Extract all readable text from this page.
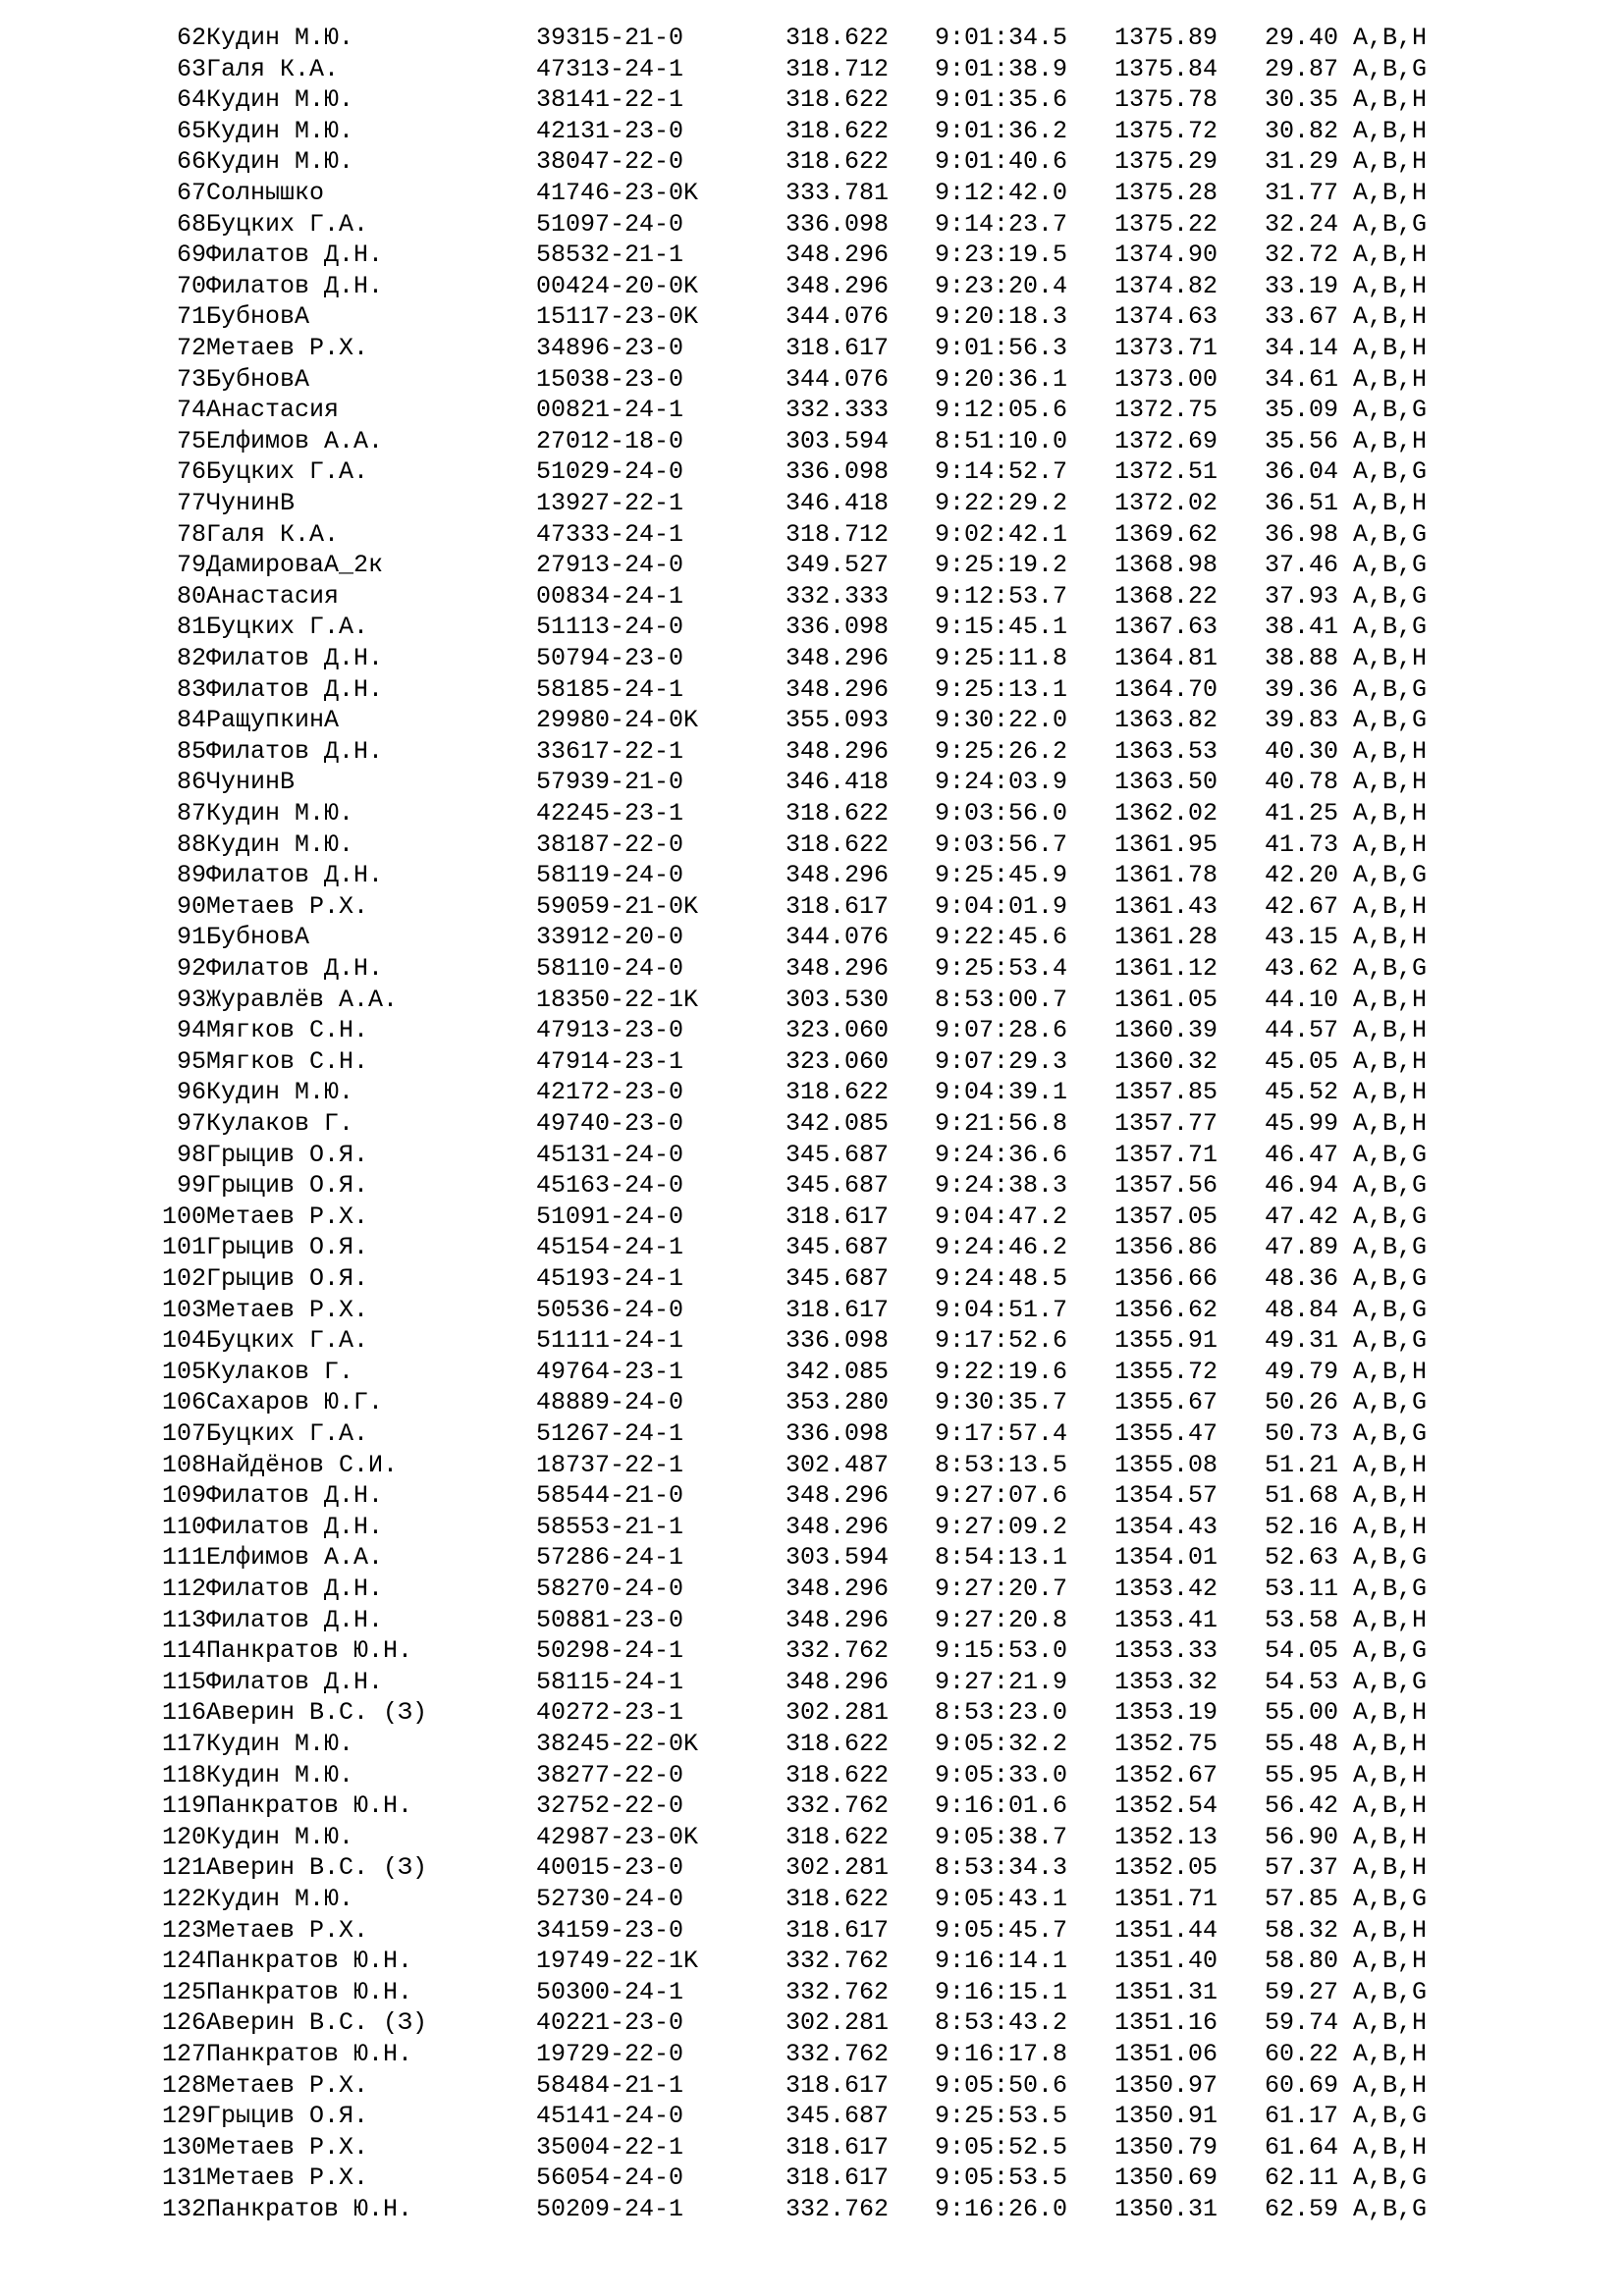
62 Кудин М.Ю.	39315-21-0	318.622 9:01:34.5 1375.89 29.40 A,B,H
63 Галя К.А.	47313-24-1	318.712 9:01:38.9 1375.84 29.87 A,B,G
64 Кудин М.Ю.	38141-22-1	318.622 9:01:35.6 1375.78 30.35 A,B,H
65 Кудин М.Ю.	42131-23-0	318.622 9:01:36.2 1375.72 30.82 A,B,H
66 Кудин М.Ю.	38047-22-0	318.622 9:01:40.6 1375.29 31.29 A,B,H
67 Солнышко	41746-23-0K	333.781 9:12:42.0 1375.28 31.77 A,B,H
68 Буцких Г.А.	51097-24-0	336.098 9:14:23.7 1375.22 32.24 A,B,G
69 Филатов Д.Н.	58532-21-1	348.296 9:23:19.5 1374.90 32.72 A,B,H
70 Филатов Д.Н.	00424-20-0K	348.296 9:23:20.4 1374.82 33.19 A,B,H
71 БубновА	15117-23-0K	344.076 9:20:18.3 1374.63 33.67 A,B,H
72 Метаев Р.Х.	34896-23-0	318.617 9:01:56.3 1373.71 34.14 A,B,H
73 БубновА	15038-23-0	344.076 9:20:36.1 1373.00 34.61 A,B,H
74 Анастасия	00821-24-1	332.333 9:12:05.6 1372.75 35.09 A,B,G
75 Елфимов А.А.	27012-18-0	303.594 8:51:10.0 1372.69 35.56 A,B,H
76 Буцких Г.А.	51029-24-0	336.098 9:14:52.7 1372.51 36.04 A,B,G
77 ЧунинВ	13927-22-1	346.418 9:22:29.2 1372.02 36.51 A,B,H
78 Галя К.А.	47333-24-1	318.712 9:02:42.1 1369.62 36.98 A,B,G
79 ДамироваА_2к	27913-24-0	349.527 9:25:19.2 1368.98 37.46 A,B,G
80 Анастасия	00834-24-1	332.333 9:12:53.7 1368.22 37.93 A,B,G
81 Буцких Г.А.	51113-24-0	336.098 9:15:45.1 1367.63 38.41 A,B,G
82 Филатов Д.Н.	50794-23-0	348.296 9:25:11.8 1364.81 38.88 A,B,H
83 Филатов Д.Н.	58185-24-1	348.296 9:25:13.1 1364.70 39.36 A,B,G
84 РащупкинА	29980-24-0K	355.093 9:30:22.0 1363.82 39.83 A,B,G
85 Филатов Д.Н.	33617-22-1	348.296 9:25:26.2 1363.53 40.30 A,B,H
86 ЧунинВ	57939-21-0	346.418 9:24:03.9 1363.50 40.78 A,B,H
87 Кудин М.Ю.	42245-23-1	318.622 9:03:56.0 1362.02 41.25 A,B,H
88 Кудин М.Ю.	38187-22-0	318.622 9:03:56.7 1361.95 41.73 A,B,H
89 Филатов Д.Н.	58119-24-0	348.296 9:25:45.9 1361.78 42.20 A,B,G
90 Метаев Р.Х.	59059-21-0K	318.617 9:04:01.9 1361.43 42.67 A,B,H
91 БубновА	33912-20-0	344.076 9:22:45.6 1361.28 43.15 A,B,H
92 Филатов Д.Н.	58110-24-0	348.296 9:25:53.4 1361.12 43.62 A,B,G
93 Журавлёв А.А.	18350-22-1K	303.530 8:53:00.7 1361.05 44.10 A,B,H
94 Мягков С.Н.	47913-23-0	323.060 9:07:28.6 1360.39 44.57 A,B,H
95 Мягков С.Н.	47914-23-1	323.060 9:07:29.3 1360.32 45.05 A,B,H
96 Кудин М.Ю.	42172-23-0	318.622 9:04:39.1 1357.85 45.52 A,B,H
97 Кулаков Г.	49740-23-0	342.085 9:21:56.8 1357.77 45.99 A,B,H
98 Грыцив О.Я.	45131-24-0	345.687 9:24:36.6 1357.71 46.47 A,B,G
99 Грыцив О.Я.	45163-24-0	345.687 9:24:38.3 1357.56 46.94 A,B,G
100 Метаев Р.Х.	51091-24-0	318.617 9:04:47.2 1357.05 47.42 A,B,G
101 Грыцив О.Я.	45154-24-1	345.687 9:24:46.2 1356.86 47.89 A,B,G
102 Грыцив О.Я.	45193-24-1	345.687 9:24:48.5 1356.66 48.36 A,B,G
103 Метаев Р.Х.	50536-24-0	318.617 9:04:51.7 1356.62 48.84 A,B,G
104 Буцких Г.А.	51111-24-1	336.098 9:17:52.6 1355.91 49.31 A,B,G
105 Кулаков Г.	49764-23-1	342.085 9:22:19.6 1355.72 49.79 A,B,H
106 Сахаров Ю.Г.	48889-24-0	353.280 9:30:35.7 1355.67 50.26 A,B,G
107 Буцких Г.А.	51267-24-1	336.098 9:17:57.4 1355.47 50.73 A,B,G
108 Найдёнов С.И.	18737-22-1	302.487 8:53:13.5 1355.08 51.21 A,B,H
109 Филатов Д.Н.	58544-21-0	348.296 9:27:07.6 1354.57 51.68 A,B,H
110 Филатов Д.Н.	58553-21-1	348.296 9:27:09.2 1354.43 52.16 A,B,H
111 Елфимов А.А.	57286-24-1	303.594 8:54:13.1 1354.01 52.63 A,B,G
112 Филатов Д.Н.	58270-24-0	348.296 9:27:20.7 1353.42 53.11 A,B,G
113 Филатов Д.Н.	50881-23-0	348.296 9:27:20.8 1353.41 53.58 A,B,H
114 Панкратов Ю.Н.	50298-24-1	332.762 9:15:53.0 1353.33 54.05 A,B,G
115 Филатов Д.Н.	58115-24-1	348.296 9:27:21.9 1353.32 54.53 A,B,G
116 Аверин В.С. (З)	40272-23-1	302.281 8:53:23.0 1353.19 55.00 A,B,H
117 Кудин М.Ю.	38245-22-0K	318.622 9:05:32.2 1352.75 55.48 A,B,H
118 Кудин М.Ю.	38277-22-0	318.622 9:05:33.0 1352.67 55.95 A,B,H
119 Панкратов Ю.Н.	32752-22-0	332.762 9:16:01.6 1352.54 56.42 A,B,H
120 Кудин М.Ю.	42987-23-0K	318.622 9:05:38.7 1352.13 56.90 A,B,H
121 Аверин В.С. (З)	40015-23-0	302.281 8:53:34.3 1352.05 57.37 A,B,H
122 Кудин М.Ю.	52730-24-0	318.622 9:05:43.1 1351.71 57.85 A,B,G
123 Метаев Р.Х.	34159-23-0	318.617 9:05:45.7 1351.44 58.32 A,B,H
124 Панкратов Ю.Н.	19749-22-1K	332.762 9:16:14.1 1351.40 58.80 A,B,H
125 Панкратов Ю.Н.	50300-24-1	332.762 9:16:15.1 1351.31 59.27 A,B,G
126 Аверин В.С. (З)	40221-23-0	302.281 8:53:43.2 1351.16 59.74 A,B,H
127 Панкратов Ю.Н.	19729-22-0	332.762 9:16:17.8 1351.06 60.22 A,B,H
128 Метаев Р.Х.	58484-21-1	318.617 9:05:50.6 1350.97 60.69 A,B,H
129 Грыцив О.Я.	45141-24-0	345.687 9:25:53.5 1350.91 61.17 A,B,G
130 Метаев Р.Х.	35004-22-1	318.617 9:05:52.5 1350.79 61.64 A,B,H
131 Метаев Р.Х.	56054-24-0	318.617 9:05:53.5 1350.69 62.11 A,B,G
132 Панкратов Ю.Н.	50209-24-1	332.762 9:16:26.0 1350.31 62.59 A,B,G
